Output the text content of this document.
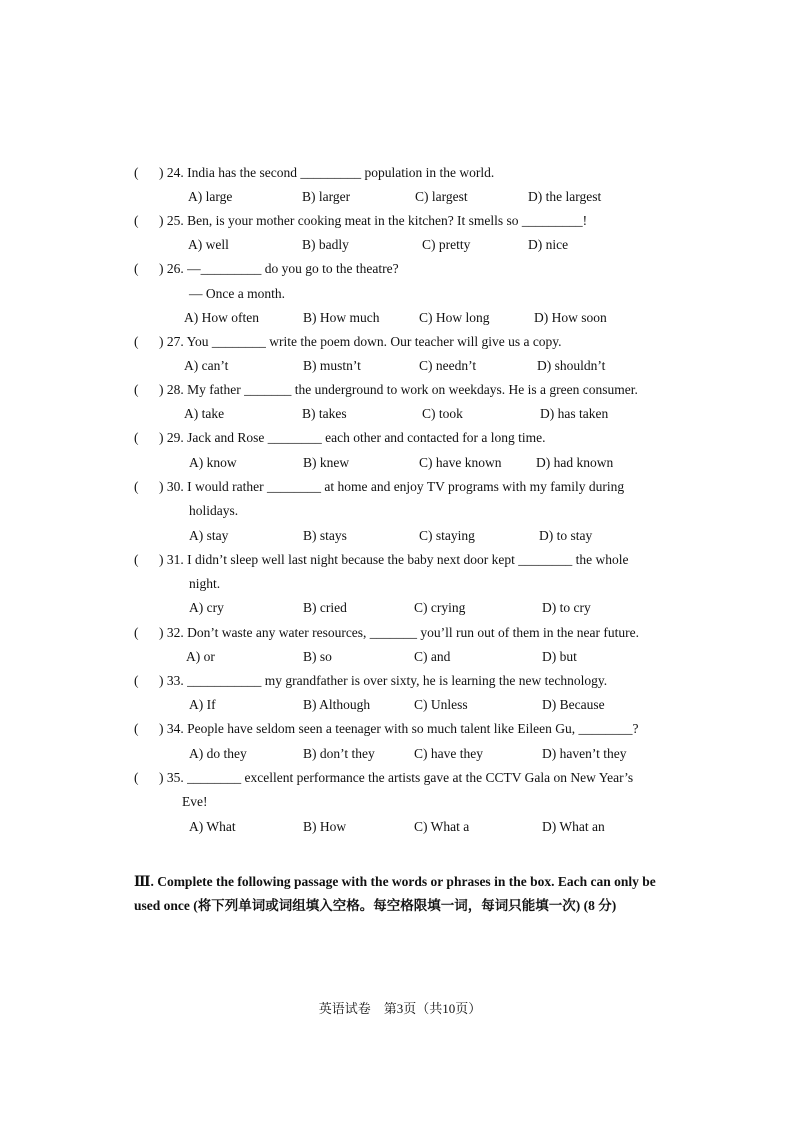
( ) 24. India has the second _________ population in the world.
A) large	B) larger	C) largest	D) the largest
( ) 25. Ben, is your mother cooking meat in the kitchen? It smells so _________!
A) well	B) badly	C) pretty	D) nice
( ) 26. —_________ do you go to the theatre?
— Once a month.
A) How often	B) How much	C) How long	D) How soon
( ) 27. You ________ write the poem down. Our teacher will give us a copy.
A) can’t	B) mustn’t	C) needn’t	D) shouldn’t
( ) 28. My father _______ the underground to work on weekdays. He is a green consumer.
A) take	B) takes	C) took	D) has taken
( ) 29. Jack and Rose ________ each other and contacted for a long time.
A) know	B) knew	C) have known	D) had known
( ) 30. I would rather ________ at home and enjoy TV programs with my family during
holidays.
A) stay	B) stays	C) staying	D) to stay
( ) 31. I didn’t sleep well last night because the baby next door kept ________ the whole
night.
A) cry	B) cried	C) crying	D) to cry
( ) 32. Don’t waste any water resources, _______ you’ll run out of them in the near future.
A) or	B) so	C) and	D) but
( ) 33. ___________ my grandfather is over sixty, he is learning the new technology.
A) If	B) Although	C) Unless	D) Because
( ) 34. People have seldom seen a teenager with so much talent like Eileen Gu, ________?
A) do they	B) don’t they	C) have they	D) haven’t they
( ) 35. ________ excellent performance the artists gave at the CCTV Gala on New Year’s
Eve!
A) What	B) How	C) What a	D) What an
Ⅲ. Complete the following passage with the words or phrases in the box. Each can only be used once (将下列单词或词组填入空格。每空格限填一词，每词只能填一次) (8 分)
英语试卷　第3页（共10页）
